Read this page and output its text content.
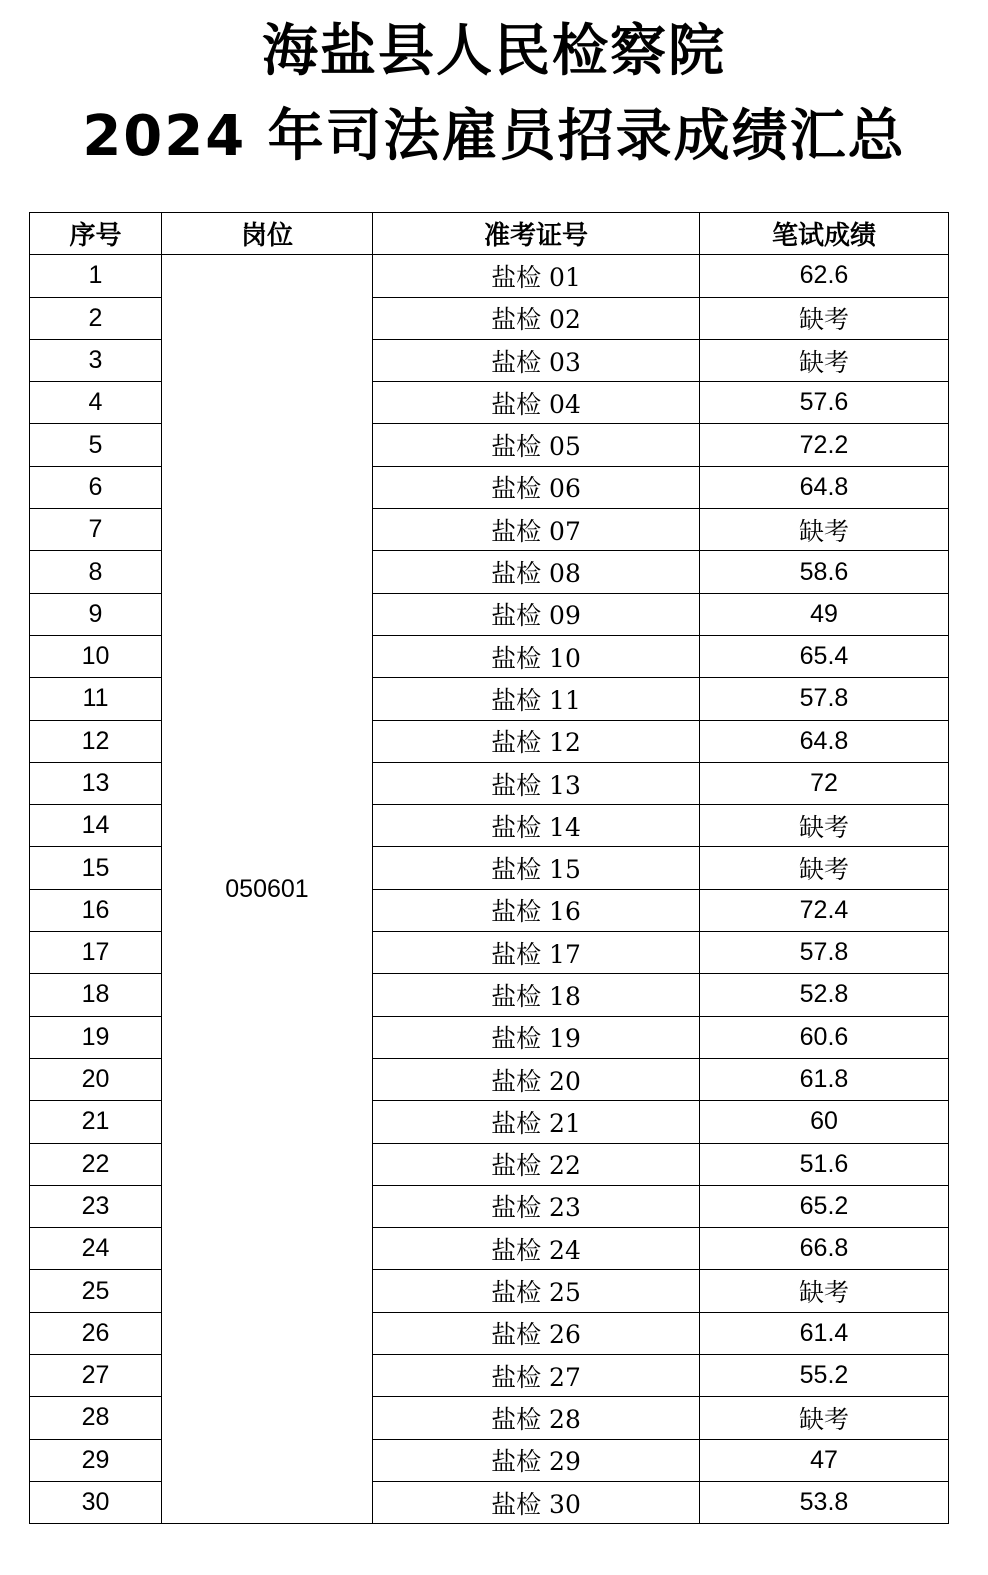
海盐县人民检察院
2024 年司法雇员招录成绩汇总
序号	岗位	准考证号	笔试成绩
1	050601	盐检 01	62.6
2		盐检 02	缺考
3		盐检 03	缺考
4		盐检 04	57.6
5		盐检 05	72.2
6		盐检 06	64.8
7		盐检 07	缺考
8		盐检 08	58.6
9		盐检 09	49
10		盐检 10	65.4
11		盐检 11	57.8
12		盐检 12	64.8
13		盐检 13	72
14		盐检 14	缺考
15		盐检 15	缺考
16		盐检 16	72.4
17		盐检 17	57.8
18		盐检 18	52.8
19		盐检 19	60.6
20		盐检 20	61.8
21		盐检 21	60
22		盐检 22	51.6
23		盐检 23	65.2
24		盐检 24	66.8
25		盐检 25	缺考
26		盐检 26	61.4
27		盐检 27	55.2
28		盐检 28	缺考
29		盐检 29	47
30		盐检 30	53.8
